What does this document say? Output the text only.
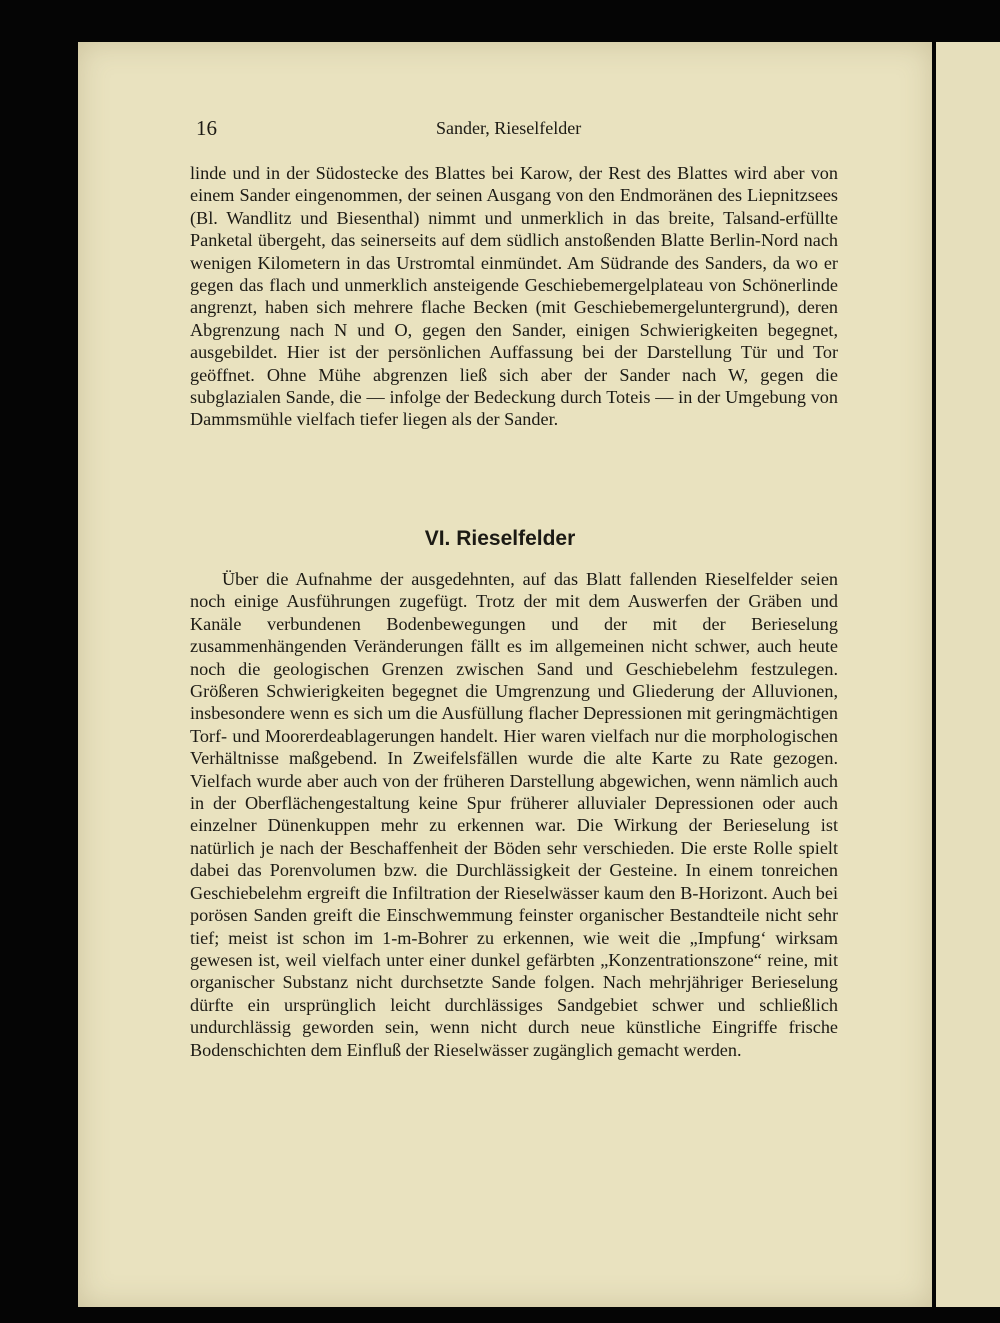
16	Sander, Rieselfelder

linde und in der Südostecke des Blattes bei Karow, der Rest des Blattes wird aber von einem Sander eingenommen, der seinen Ausgang von den Endmoränen des Liepnitzsees (Bl. Wandlitz und Biesenthal) nimmt und unmerklich in das breite, Talsand-erfüllte Panketal übergeht, das seinerseits auf dem südlich anstoßenden Blatte Berlin-Nord nach wenigen Kilometern in das Urstromtal einmündet. Am Südrande des Sanders, da wo er gegen das flach und unmerklich ansteigende Geschiebemergelplateau von Schönerlinde angrenzt, haben sich mehrere flache Becken (mit Geschiebemergeluntergrund), deren Abgrenzung nach N und O, gegen den Sander, einigen Schwierigkeiten begegnet, ausgebildet. Hier ist der persönlichen Auffassung bei der Darstellung Tür und Tor geöffnet. Ohne Mühe abgrenzen ließ sich aber der Sander nach W, gegen die subglazialen Sande, die — infolge der Bedeckung durch Toteis — in der Umgebung von Dammsmühle vielfach tiefer liegen als der Sander.

VI. Rieselfelder

Über die Aufnahme der ausgedehnten, auf das Blatt fallenden Rieselfelder seien noch einige Ausführungen zugefügt. Trotz der mit dem Auswerfen der Gräben und Kanäle verbundenen Bodenbewegungen und der mit der Berieselung zusammenhängenden Veränderungen fällt es im allgemeinen nicht schwer, auch heute noch die geologischen Grenzen zwischen Sand und Geschiebelehm festzulegen. Größeren Schwierigkeiten begegnet die Umgrenzung und Gliederung der Alluvionen, insbesondere wenn es sich um die Ausfüllung flacher Depressionen mit geringmächtigen Torf- und Moorerdeablagerungen handelt. Hier waren vielfach nur die morphologischen Verhältnisse maßgebend. In Zweifelsfällen wurde die alte Karte zu Rate gezogen. Vielfach wurde aber auch von der früheren Darstellung abgewichen, wenn nämlich auch in der Oberflächengestaltung keine Spur früherer alluvialer Depressionen oder auch einzelner Dünenkuppen mehr zu erkennen war. Die Wirkung der Berieselung ist natürlich je nach der Beschaffenheit der Böden sehr verschieden. Die erste Rolle spielt dabei das Porenvolumen bzw. die Durchlässigkeit der Gesteine. In einem tonreichen Geschiebelehm ergreift die Infiltration der Rieselwässer kaum den B-Horizont. Auch bei porösen Sanden greift die Einschwemmung feinster organischer Bestandteile nicht sehr tief; meist ist schon im 1-m-Bohrer zu erkennen, wie weit die „Impfung‘ wirksam gewesen ist, weil vielfach unter einer dunkel gefärbten „Konzentrationszone“ reine, mit organischer Substanz nicht durchsetzte Sande folgen. Nach mehrjähriger Berieselung dürfte ein ursprünglich leicht durchlässiges Sandgebiet schwer und schließlich undurchlässig geworden sein, wenn nicht durch neue künstliche Eingriffe frische Bodenschichten dem Einfluß der Rieselwässer zugänglich gemacht werden.
